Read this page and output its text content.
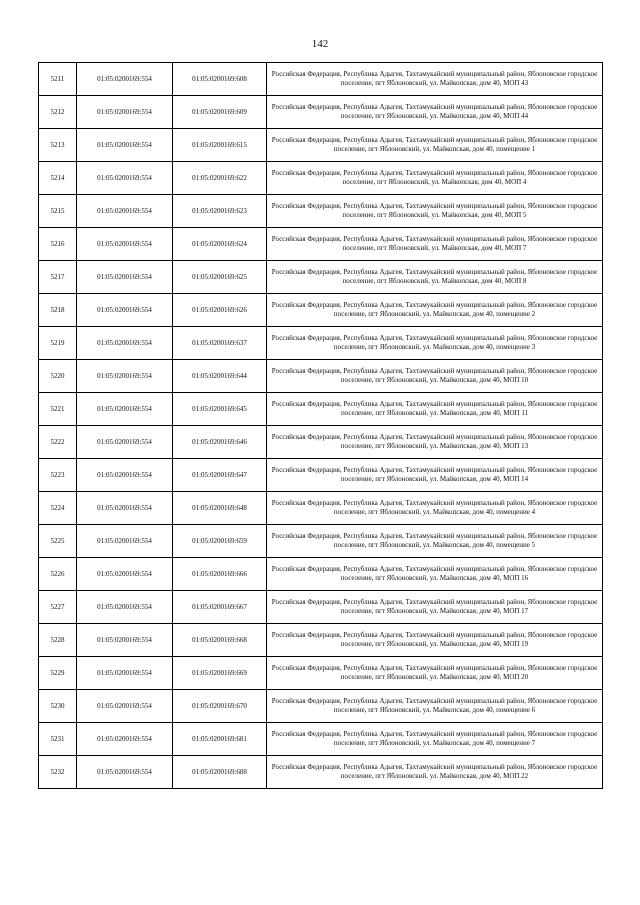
142
5211	01:05:0200169:554	01:05:0200169:608	Российская Федерация, Республика Адыгея, Тахтамукайский муниципальный район, Яблоновское городское поселение, пгт Яблоновский, ул. Майкопская, дом 40, МОП 43
5212	01:05:0200169:554	01:05:0200169:609	Российская Федерация, Республика Адыгея, Тахтамукайский муниципальный район, Яблоновское городское поселение, пгт Яблоновский, ул. Майкопская, дом 40, МОП 44
5213	01:05:0200169:554	01:05:0200169:615	Российская Федерация, Республика Адыгея, Тахтамукайский муниципальный район, Яблоновское городское поселение, пгт Яблоновский, ул. Майкопская, дом 40, помещение 1
5214	01:05:0200169:554	01:05:0200169:622	Российская Федерация, Республика Адыгея, Тахтамукайский муниципальный район, Яблоновское городское поселение, пгт Яблоновский, ул. Майкопская, дом 40, МОП 4
5215	01:05:0200169:554	01:05:0200169:623	Российская Федерация, Республика Адыгея, Тахтамукайский муниципальный район, Яблоновское городское поселение, пгт Яблоновский, ул. Майкопская, дом 40, МОП 5
5216	01:05:0200169:554	01:05:0200169:624	Российская Федерация, Республика Адыгея, Тахтамукайский муниципальный район, Яблоновское городское поселение, пгт Яблоновский, ул. Майкопская, дом 40, МОП 7
5217	01:05:0200169:554	01:05:0200169:625	Российская Федерация, Республика Адыгея, Тахтамукайский муниципальный район, Яблоновское городское поселение, пгт Яблоновский, ул. Майкопская, дом 40, МОП 8
5218	01:05:0200169:554	01:05:0200169:626	Российская Федерация, Республика Адыгея, Тахтамукайский муниципальный район, Яблоновское городское поселение, пгт Яблоновский, ул. Майкопская, дом 40, помещение 2
5219	01:05:0200169:554	01:05:0200169:637	Российская Федерация, Республика Адыгея, Тахтамукайский муниципальный район, Яблоновское городское поселение, пгт Яблоновский, ул. Майкопская, дом 40, помещение 3
5220	01:05:0200169:554	01:05:0200169:644	Российская Федерация, Республика Адыгея, Тахтамукайский муниципальный район, Яблоновское городское поселение, пгт Яблоновский, ул. Майкопская, дом 40, МОП 10
5221	01:05:0200169:554	01:05:0200169:645	Российская Федерация, Республика Адыгея, Тахтамукайский муниципальный район, Яблоновское городское поселение, пгт Яблоновский, ул. Майкопская, дом 40, МОП 11
5222	01:05:0200169:554	01:05:0200169:646	Российская Федерация, Республика Адыгея, Тахтамукайский муниципальный район, Яблоновское городское поселение, пгт Яблоновский, ул. Майкопская, дом 40, МОП 13
5223	01:05:0200169:554	01:05:0200169:647	Российская Федерация, Республика Адыгея, Тахтамукайский муниципальный район, Яблоновское городское поселение, пгт Яблоновский, ул. Майкопская, дом 40, МОП 14
5224	01:05:0200169:554	01:05:0200169:648	Российская Федерация, Республика Адыгея, Тахтамукайский муниципальный район, Яблоновское городское поселение, пгт Яблоновский, ул. Майкопская, дом 40, помещение 4
5225	01:05:0200169:554	01:05:0200169:659	Российская Федерация, Республика Адыгея, Тахтамукайский муниципальный район, Яблоновское городское поселение, пгт Яблоновский, ул. Майкопская, дом 40, помещение 5
5226	01:05:0200169:554	01:05:0200169:666	Российская Федерация, Республика Адыгея, Тахтамукайский муниципальный район, Яблоновское городское поселение, пгт Яблоновский, ул. Майкопская, дом 40, МОП 16
5227	01:05:0200169:554	01:05:0200169:667	Российская Федерация, Республика Адыгея, Тахтамукайский муниципальный район, Яблоновское городское поселение, пгт Яблоновский, ул. Майкопская, дом 40, МОП 17
5228	01:05:0200169:554	01:05:0200169:668	Российская Федерация, Республика Адыгея, Тахтамукайский муниципальный район, Яблоновское городское поселение, пгт Яблоновский, ул. Майкопская, дом 40, МОП 19
5229	01:05:0200169:554	01:05:0200169:669	Российская Федерация, Республика Адыгея, Тахтамукайский муниципальный район, Яблоновское городское поселение, пгт Яблоновский, ул. Майкопская, дом 40, МОП 20
5230	01:05:0200169:554	01:05:0200169:670	Российская Федерация, Республика Адыгея, Тахтамукайский муниципальный район, Яблоновское городское поселение, пгт Яблоновский, ул. Майкопская, дом 40, помещение 6
5231	01:05:0200169:554	01:05:0200169:681	Российская Федерация, Республика Адыгея, Тахтамукайский муниципальный район, Яблоновское городское поселение, пгт Яблоновский, ул. Майкопская, дом 40, помещение 7
5232	01:05:0200169:554	01:05:0200169:688	Российская Федерация, Республика Адыгея, Тахтамукайский муниципальный район, Яблоновское городское поселение, пгт Яблоновский, ул. Майкопская, дом 40, МОП 22
